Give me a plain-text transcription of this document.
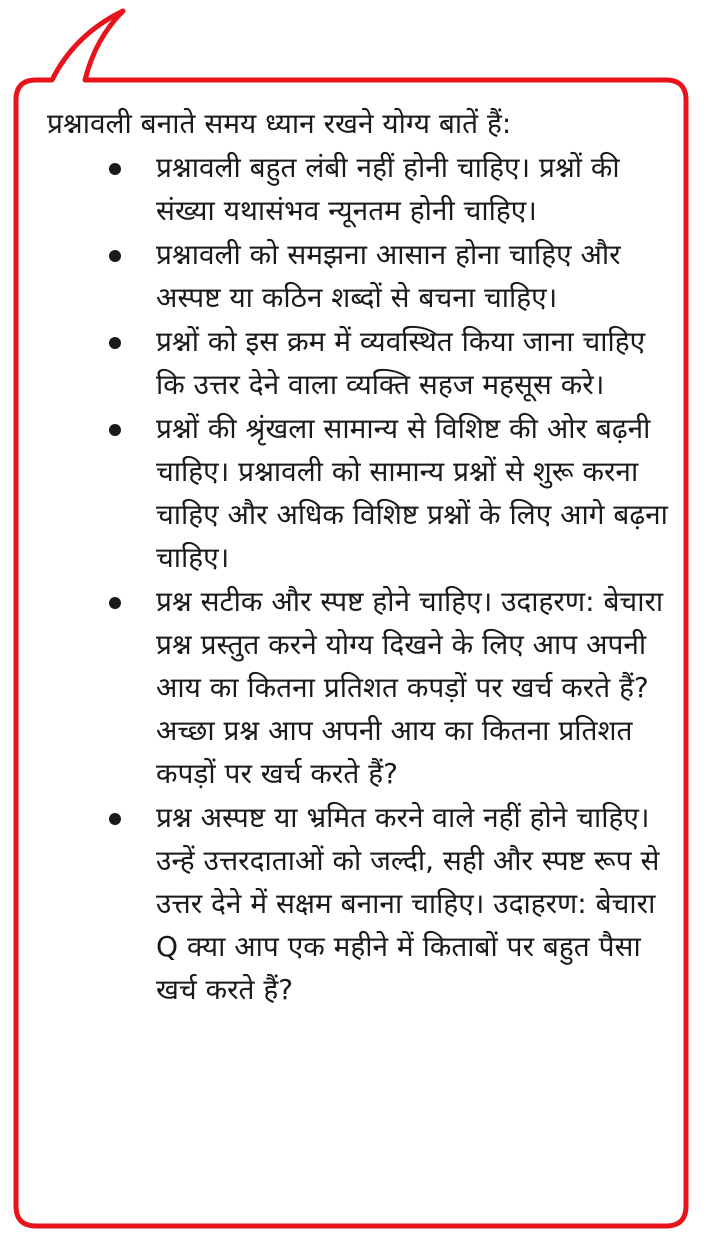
प्रश्नावली बनाते समय ध्यान रखने योग्य बातें हैं:
प्रश्नावली बहुत लंबी नहीं होनी चाहिए। प्रश्नों की संख्या यथासंभव न्यूनतम होनी चाहिए।
प्रश्नावली को समझना आसान होना चाहिए और अस्पष्ट या कठिन शब्दों से बचना चाहिए।
प्रश्नों को इस क्रम में व्यवस्थित किया जाना चाहिए कि उत्तर देने वाला व्यक्ति सहज महसूस करे।
प्रश्नों की श्रृंखला सामान्य से विशिष्ट की ओर बढ़नी चाहिए। प्रश्नावली को सामान्य प्रश्नों से शुरू करना चाहिए और अधिक विशिष्ट प्रश्नों के लिए आगे बढ़ना चाहिए।
प्रश्न सटीक और स्पष्ट होने चाहिए। उदाहरण: बेचारा प्रश्न प्रस्तुत करने योग्य दिखने के लिए आप अपनी आय का कितना प्रतिशत कपड़ों पर खर्च करते हैं? अच्छा प्रश्न आप अपनी आय का कितना प्रतिशत कपड़ों पर खर्च करते हैं?
प्रश्न अस्पष्ट या भ्रमित करने वाले नहीं होने चाहिए। उन्हें उत्तरदाताओं को जल्दी, सही और स्पष्ट रूप से उत्तर देने में सक्षम बनाना चाहिए। उदाहरण: बेचारा Q क्या आप एक महीने में किताबों पर बहुत पैसा खर्च करते हैं?
